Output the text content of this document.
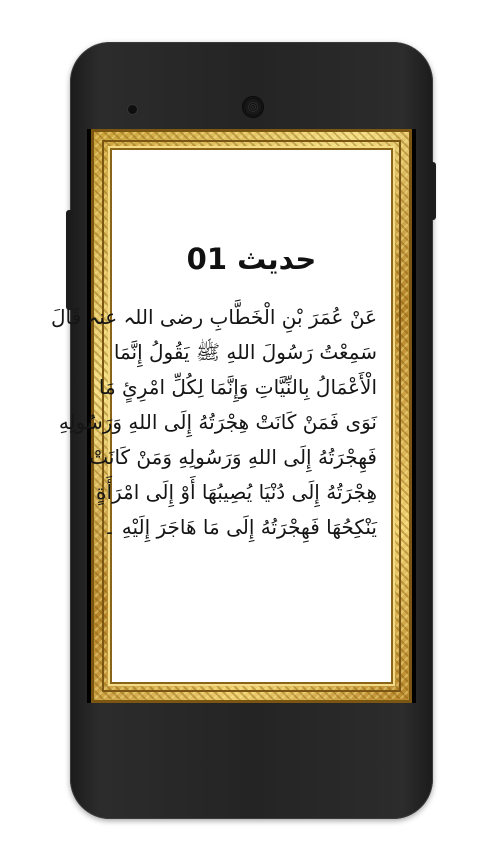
حدیث 01
عَنْ عُمَرَ بْنِ الْخَطَّابِ رضی اللہ عنہ قَالَ
سَمِعْتُ رَسُولَ اللهِ ﷺ يَقُولُ إِنَّمَا
الْأَعْمَالُ بِالنِّيَّاتِ وَإِنَّمَا لِكُلِّ امْرِئٍ مَا
نَوَى فَمَنْ كَانَتْ هِجْرَتُهُ إِلَى اللهِ وَرَسُولِهِ
فَهِجْرَتُهُ إِلَى اللهِ وَرَسُولِهِ وَمَنْ كَانَتْ
هِجْرَتُهُ إِلَى دُنْيَا يُصِيبُهَا أَوْ إِلَى امْرَأَةٍ
يَنْكِحُهَا فَهِجْرَتُهُ إِلَى مَا هَاجَرَ إِلَيْهِ ۔
